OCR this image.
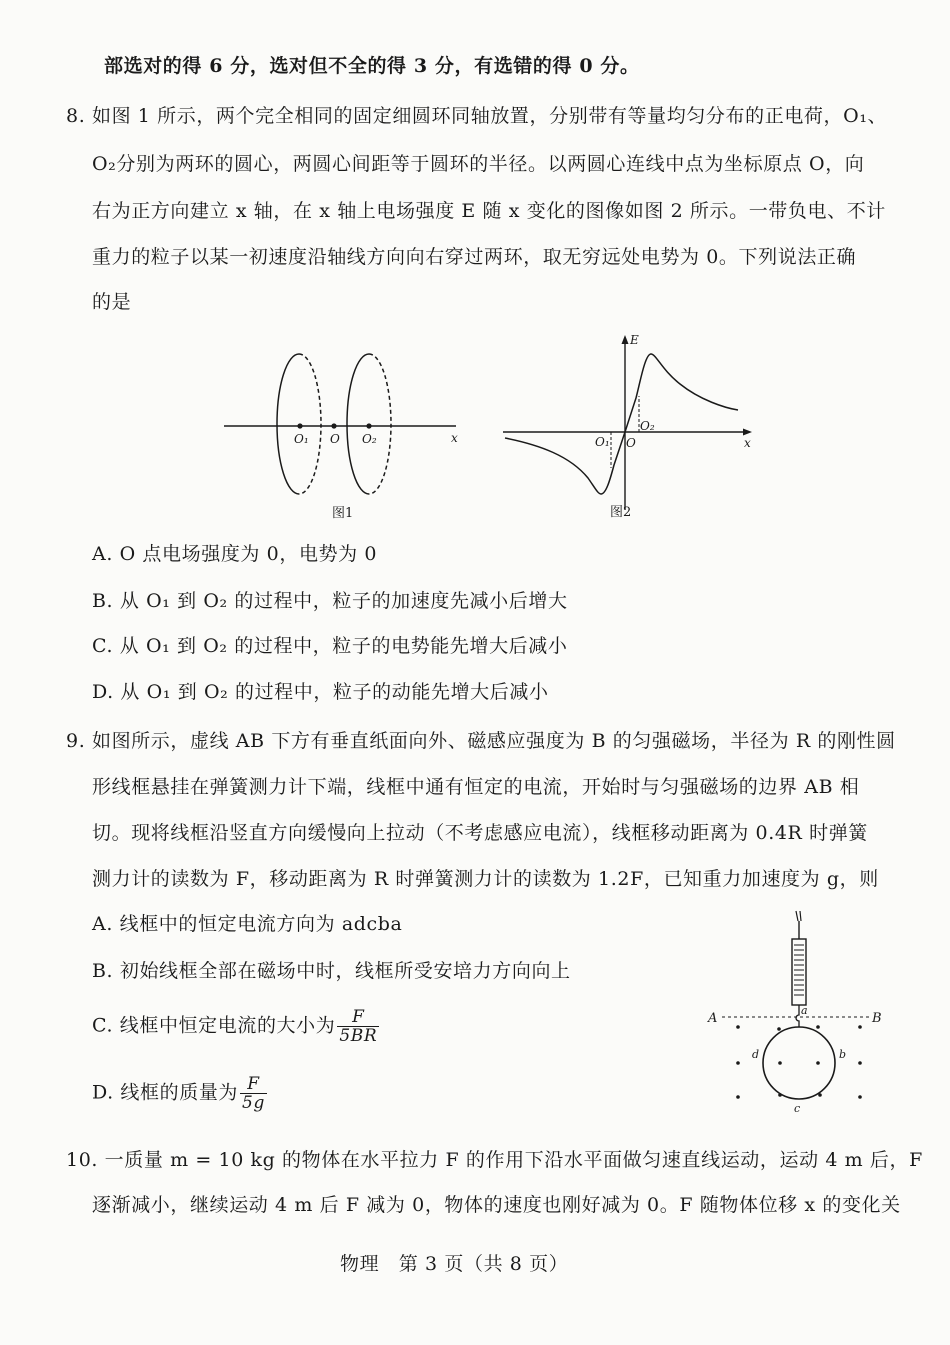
部选对的得 6 分，选对但不全的得 3 分，有选错的得 0 分。
8. 如图 1 所示，两个完全相同的固定细圆环同轴放置，分别带有等量均匀分布的正电荷，O₁、
O₂分别为两环的圆心，两圆心间距等于圆环的半径。以两圆心连线中点为坐标原点 O，向
右为正方向建立 x 轴，在 x 轴上电场强度 E 随 x 变化的图像如图 2 所示。一带负电、不计
重力的粒子以某一初速度沿轴线方向向右穿过两环，取无穷远处电势为 0。下列说法正确
的是
O₁ O O₂	x
图1
E
O₁ O
O₂
x
图2
A. O 点电场强度为 0，电势为 0
B. 从 O₁ 到 O₂ 的过程中，粒子的加速度先减小后增大
C. 从 O₁ 到 O₂ 的过程中，粒子的电势能先增大后减小
D. 从 O₁ 到 O₂ 的过程中，粒子的动能先增大后减小
9. 如图所示，虚线 AB 下方有垂直纸面向外、磁感应强度为 B 的匀强磁场，半径为 R 的刚性圆
形线框悬挂在弹簧测力计下端，线框中通有恒定的电流，开始时与匀强磁场的边界 AB 相
切。现将线框沿竖直方向缓慢向上拉动（不考虑感应电流），线框移动距离为 0.4R 时弹簧
测力计的读数为 F，移动距离为 R 时弹簧测力计的读数为 1.2F，已知重力加速度为 g，则
A. 线框中的恒定电流方向为 adcba
B. 初始线框全部在磁场中时，线框所受安培力方向向上
C. 线框中恒定电流的大小为 $\frac{F}{5BR}$
D. 线框的质量为 $\frac{F}{5g}$
A	B
a
b
c
d
10. 一质量 m = 10 kg 的物体在水平拉力 F 的作用下沿水平面做匀速直线运动，运动 4 m 后，F
逐渐减小，继续运动 4 m 后 F 减为 0，物体的速度也刚好减为 0。F 随物体位移 x 的变化关
物理　第 3 页（共 8 页）
